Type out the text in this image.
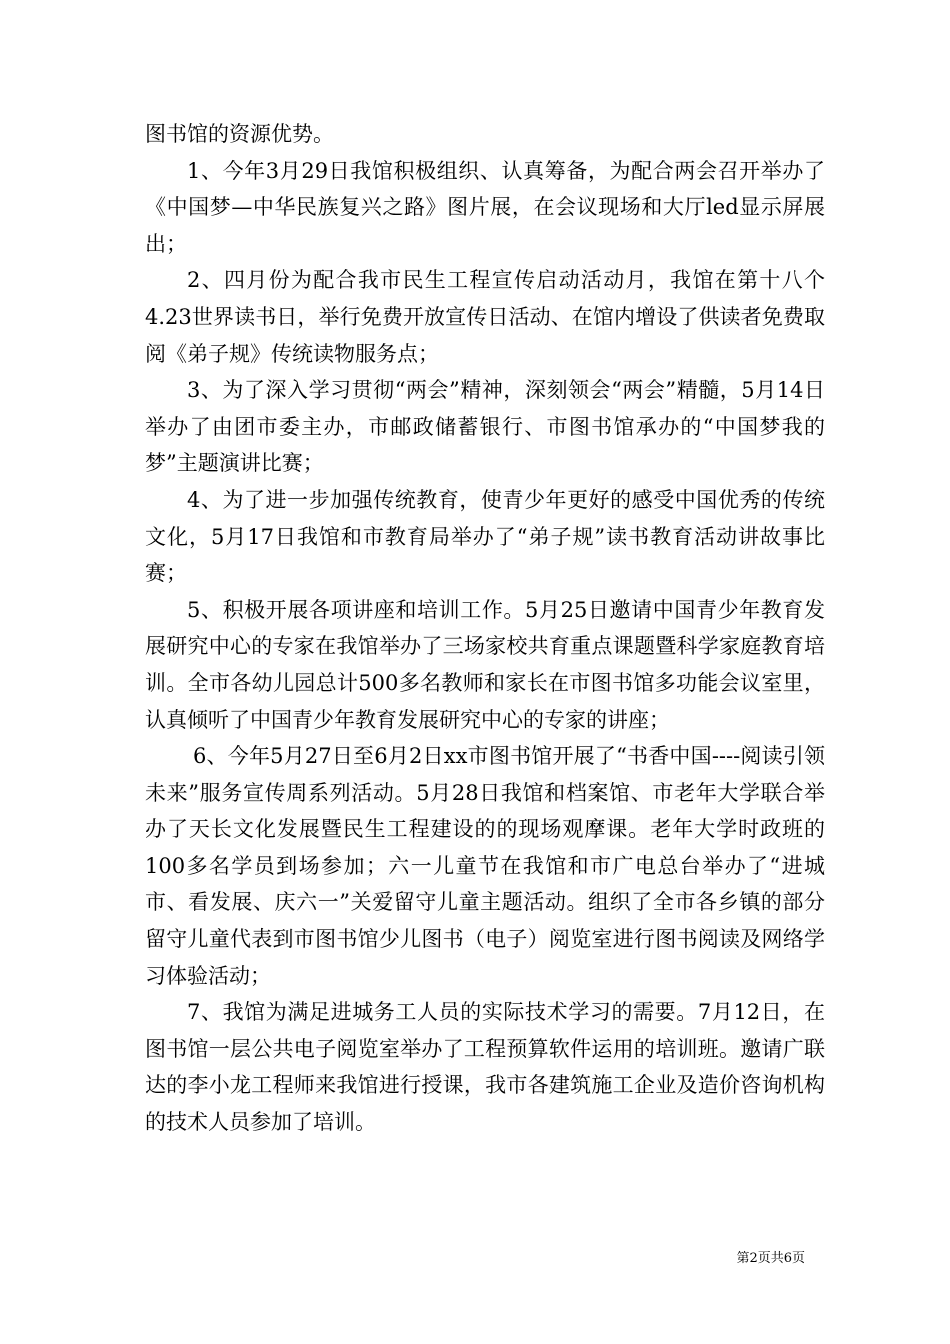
图书馆的资源优势。

1、今年3月29日我馆积极组织、认真筹备，为配合两会召开举办了《中国梦—中华民族复兴之路》图片展，在会议现场和大厅led显示屏展出；

2、四月份为配合我市民生工程宣传启动活动月，我馆在第十八个4.23世界读书日，举行免费开放宣传日活动、在馆内增设了供读者免费取阅《弟子规》传统读物服务点；

3、为了深入学习贯彻“两会”精神，深刻领会“两会”精髓，5月14日举办了由团市委主办，市邮政储蓄银行、市图书馆承办的“中国梦我的梦”主题演讲比赛；

4、为了进一步加强传统教育，使青少年更好的感受中国优秀的传统文化，5月17日我馆和市教育局举办了“弟子规”读书教育活动讲故事比赛；

5、积极开展各项讲座和培训工作。5月25日邀请中国青少年教育发展研究中心的专家在我馆举办了三场家校共育重点课题暨科学家庭教育培训。全市各幼儿园总计500多名教师和家长在市图书馆多功能会议室里，认真倾听了中国青少年教育发展研究中心的专家的讲座；

6、今年5月27日至6月2日xx市图书馆开展了“书香中国----阅读引领未来”服务宣传周系列活动。5月28日我馆和档案馆、市老年大学联合举办了天长文化发展暨民生工程建设的的现场观摩课。老年大学时政班的100多名学员到场参加；六一儿童节在我馆和市广电总台举办了“进城市、看发展、庆六一”关爱留守儿童主题活动。组织了全市各乡镇的部分留守儿童代表到市图书馆少儿图书（电子）阅览室进行图书阅读及网络学习体验活动；

7、我馆为满足进城务工人员的实际技术学习的需要。7月12日，在图书馆一层公共电子阅览室举办了工程预算软件运用的培训班。邀请广联达的李小龙工程师来我馆进行授课，我市各建筑施工企业及造价咨询机构的技术人员参加了培训。

第2页共6页
